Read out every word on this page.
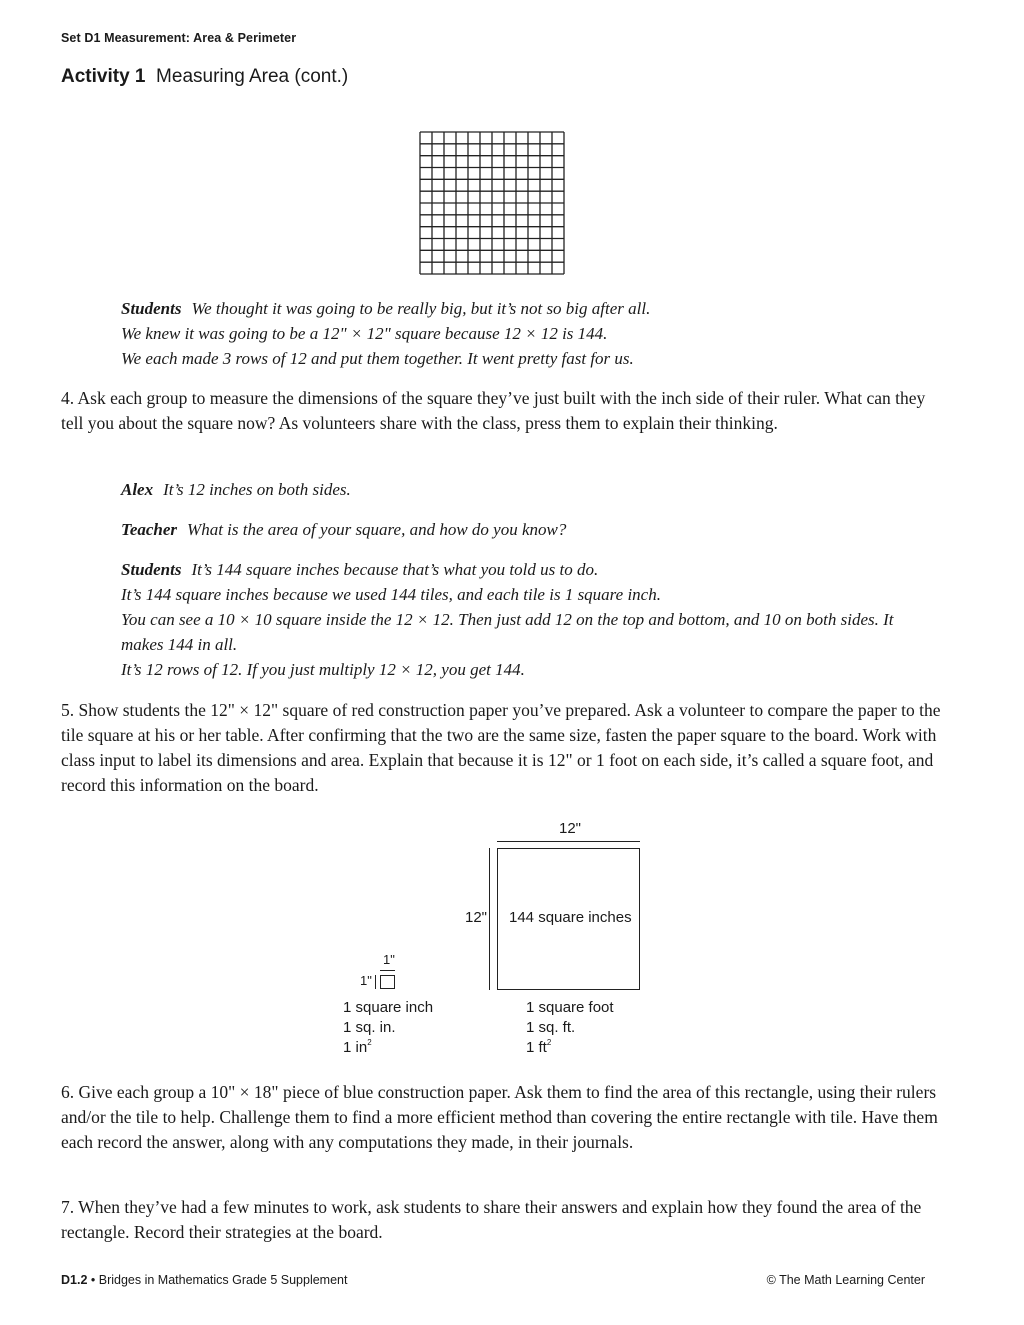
Set D1 Measurement: Area & Perimeter
Activity 1 Measuring Area (cont.)
Students We thought it was going to be really big, but it’s not so big after all.
We knew it was going to be a 12" × 12" square because 12 × 12 is 144.
We each made 3 rows of 12 and put them together. It went pretty fast for us.
4. Ask each group to measure the dimensions of the square they’ve just built with the inch side of their ruler. What can they tell you about the square now? As volunteers share with the class, press them to explain their thinking.
Alex It’s 12 inches on both sides.
Teacher What is the area of your square, and how do you know?
Students It’s 144 square inches because that’s what you told us to do.
It’s 144 square inches because we used 144 tiles, and each tile is 1 square inch.
You can see a 10 × 10 square inside the 12 × 12. Then just add 12 on the top and bottom, and 10 on both sides. It makes 144 in all.
It’s 12 rows of 12. If you just multiply 12 × 12, you get 144.
5. Show students the 12" × 12" square of red construction paper you’ve prepared. Ask a volunteer to compare the paper to the tile square at his or her table. After confirming that the two are the same size, fasten the paper square to the board. Work with class input to label its dimensions and area. Explain that because it is 12" or 1 foot on each side, it’s called a square foot, and record this information on the board.
12"
12" 144 square inches
1 square foot
1 sq. ft.
1 $ft^2$
1"
1"
1 square inch
1 sq. in.
1 $in^2$
6. Give each group a 10" × 18" piece of blue construction paper. Ask them to find the area of this rectangle, using their rulers and/or the tile to help. Challenge them to find a more efficient method than covering the entire rectangle with tile. Have them each record the answer, along with any computations they made, in their journals.
7. When they’ve had a few minutes to work, ask students to share their answers and explain how they found the area of the rectangle. Record their strategies at the board.
D1.2 • Bridges in Mathematics Grade 5 Supplement	© The Math Learning Center
